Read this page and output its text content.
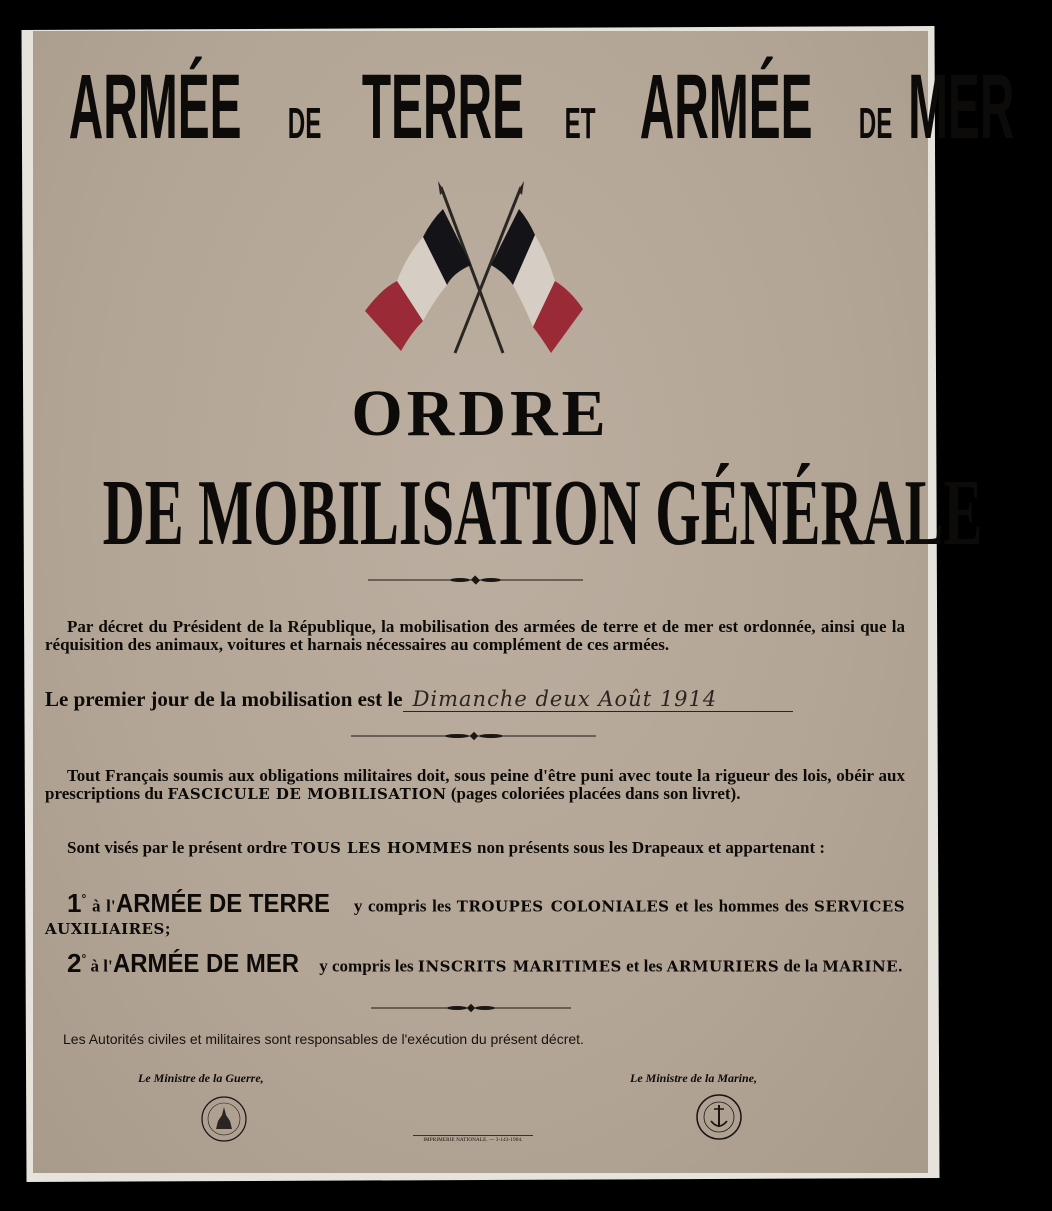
ARMÉE DE TERRE ET ARMÉE DE MER
ORDRE
DE MOBILISATION GÉNÉRALE
Par décret du Président de la République, la mobilisation des armées de terre et de mer est ordonnée, ainsi que la réquisition des animaux, voitures et harnais nécessaires au complément de ces armées.
Le premier jour de la mobilisation est le Dimanche deux Août 1914
Tout Français soumis aux obligations militaires doit, sous peine d'être puni avec toute la rigueur des lois, obéir aux prescriptions du FASCICULE DE MOBILISATION (pages coloriées placées dans son livret).
Sont visés par le présent ordre TOUS LES HOMMES non présents sous les Drapeaux et appartenant :
1° à l'ARMÉE DE TERRE y compris les TROUPES COLONIALES et les hommes des SERVICES AUXILIAIRES;
2° à l'ARMÉE DE MER y compris les INSCRITS MARITIMES et les ARMURIERS de la MARINE.
Les Autorités civiles et militaires sont responsables de l'exécution du présent décret.
Le Ministre de la Guerre,	Le Ministre de la Marine,
IMPRIMERIE NATIONALE. — 3-143-1904.
